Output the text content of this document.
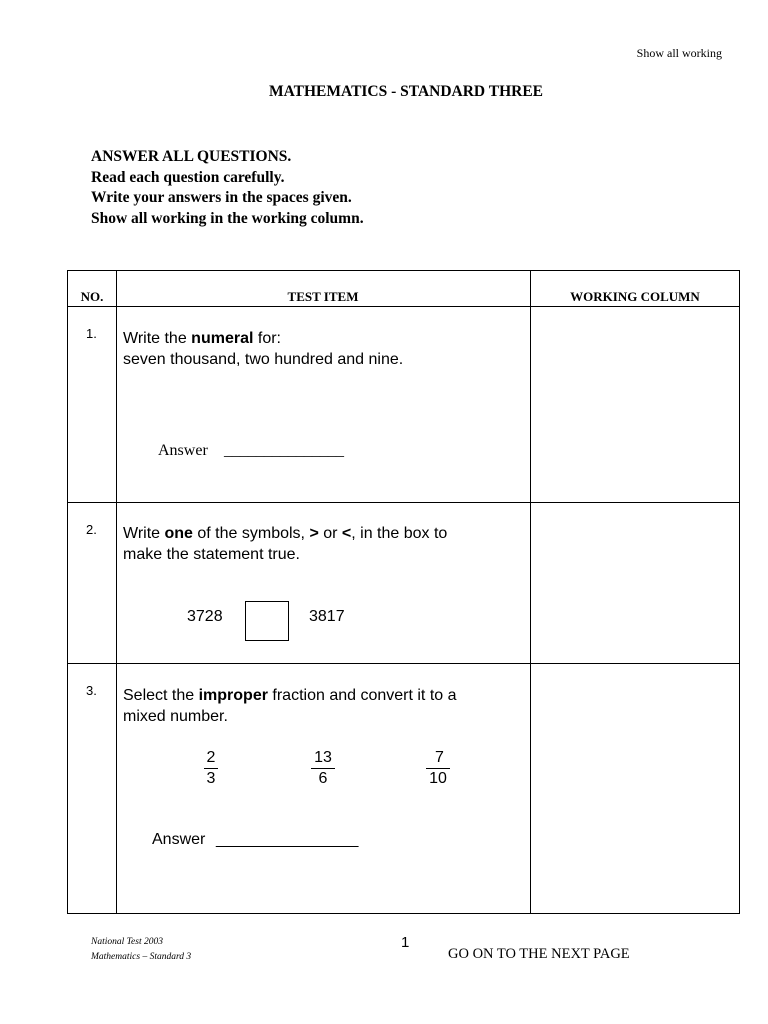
Show all working
MATHEMATICS - STANDARD THREE
ANSWER ALL QUESTIONS.
Read each question carefully.
Write your answers in the spaces given.
Show all working in the working column.
NO.	TEST ITEM	WORKING COLUMN
1. Write the numeral for:
seven thousand, two hundred and nine.
Answer _______________
2. Write one of the symbols, > or <, in the box to
make the statement true.
3728	3817
3. Select the improper fraction and convert it to a
mixed number.
$\frac{2}{3}$	$\frac{13}{6}$	$\frac{7}{10}$
Answer ________________
National Test 2003
Mathematics – Standard 3
1
GO ON TO THE NEXT PAGE
